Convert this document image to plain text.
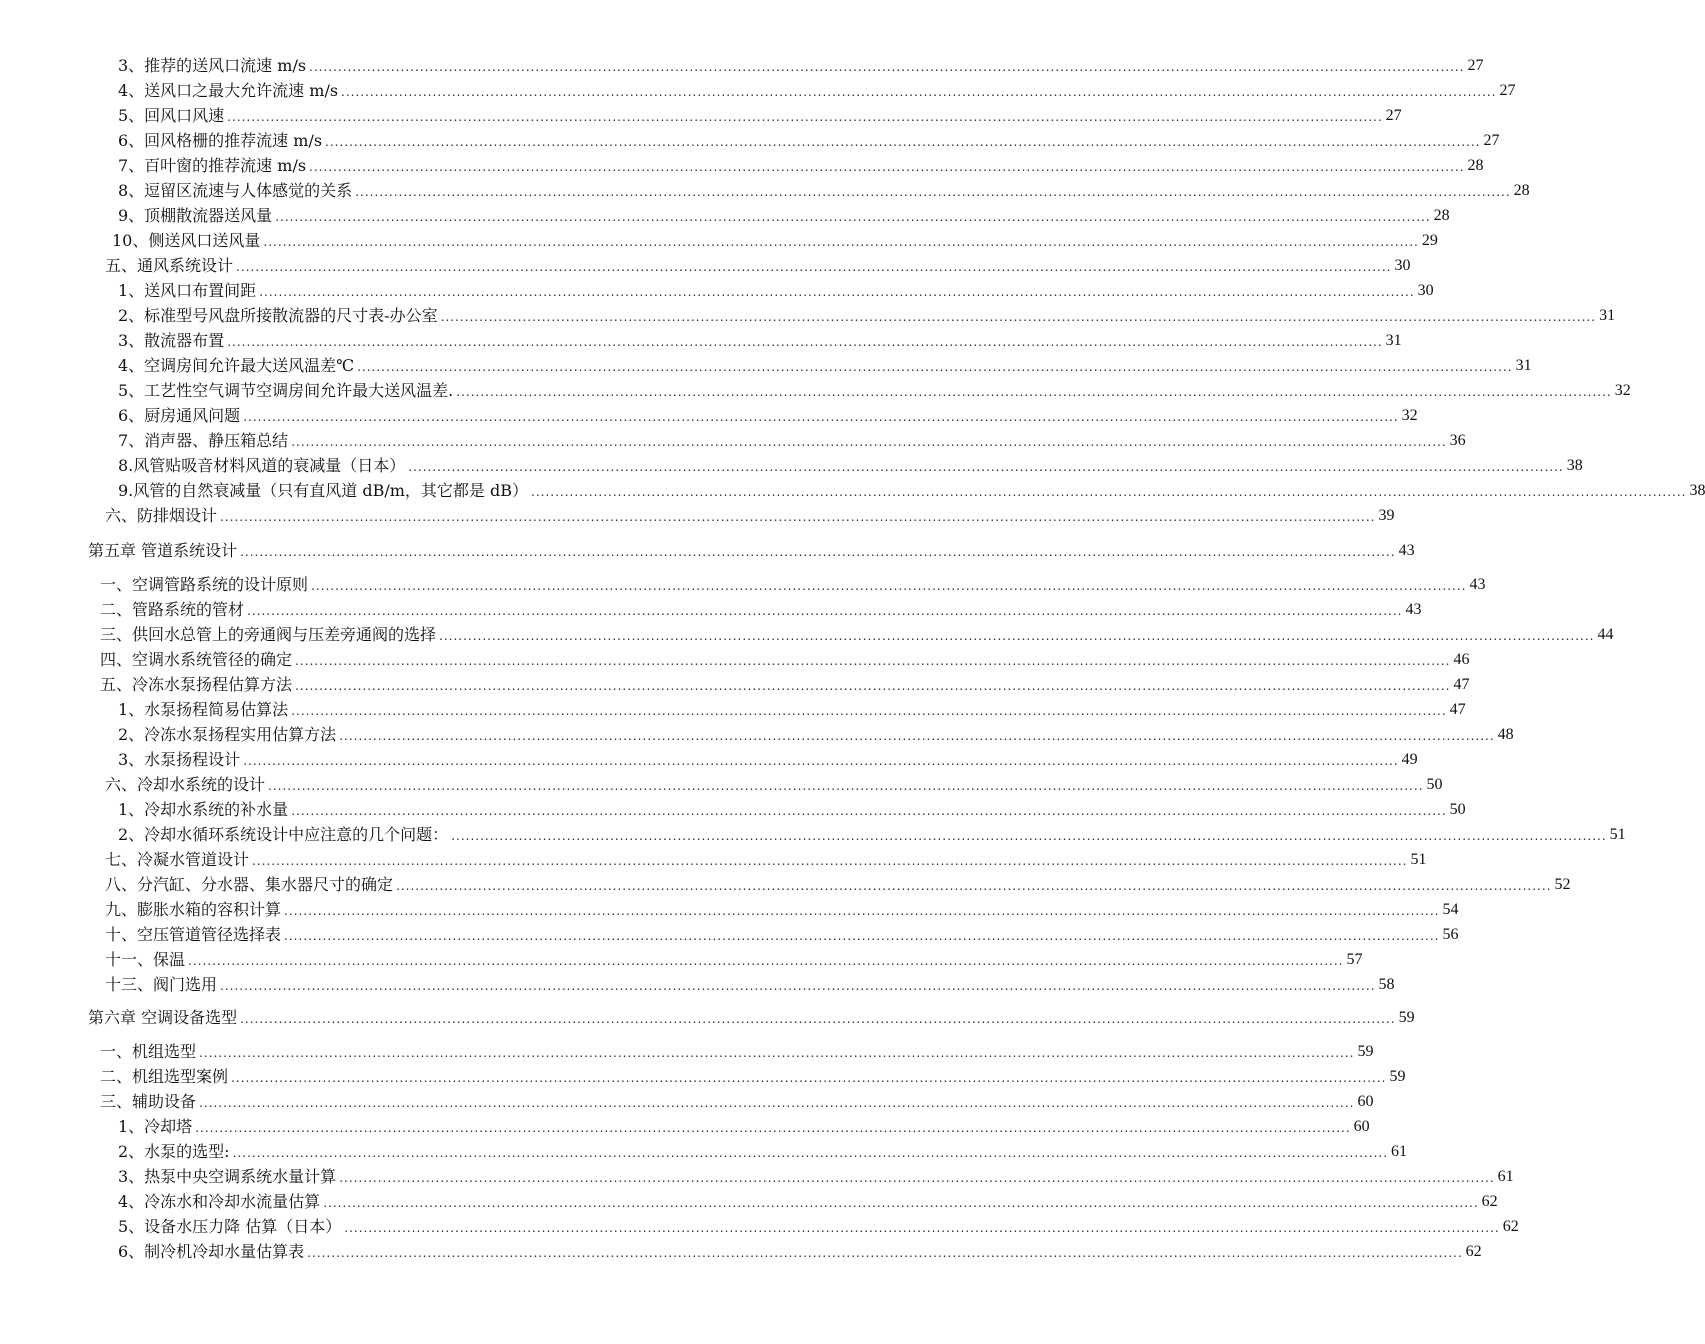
3、推荐的送风口流速 m/s ................................................................................................................................................................................................................................................ 27
4、送风口之最大允许流速 m/s ................................................................................................................................................................................................................................................ 27
5、回风口风速 ................................................................................................................................................................................................................................................ 27
6、回风格栅的推荐流速 m/s ................................................................................................................................................................................................................................................ 27
7、百叶窗的推荐流速 m/s ................................................................................................................................................................................................................................................ 28
8、逗留区流速与人体感觉的关系 ................................................................................................................................................................................................................................................ 28
9、顶棚散流器送风量 ................................................................................................................................................................................................................................................ 28
10、侧送风口送风量 ................................................................................................................................................................................................................................................ 29
五、通风系统设计 ................................................................................................................................................................................................................................................ 30
1、送风口布置间距 ................................................................................................................................................................................................................................................ 30
2、标准型号风盘所接散流器的尺寸表-办公室 ................................................................................................................................................................................................................................................ 31
3、散流器布置 ................................................................................................................................................................................................................................................ 31
4、空调房间允许最大送风温差℃ ................................................................................................................................................................................................................................................ 31
5、工艺性空气调节空调房间允许最大送风温差. ................................................................................................................................................................................................................................................ 32
6、厨房通风问题 ................................................................................................................................................................................................................................................ 32
7、消声器、静压箱总结 ................................................................................................................................................................................................................................................ 36
8.风管贴吸音材料风道的衰减量（日本） ................................................................................................................................................................................................................................................ 38
9.风管的自然衰减量（只有直风道 dB/m，其它都是 dB） ................................................................................................................................................................................................................................................ 38
六、防排烟设计 ................................................................................................................................................................................................................................................ 39
第五章 管道系统设计 ................................................................................................................................................................................................................................................ 43
一、空调管路系统的设计原则 ................................................................................................................................................................................................................................................ 43
二、管路系统的管材 ................................................................................................................................................................................................................................................ 43
三、供回水总管上的旁通阀与压差旁通阀的选择 ................................................................................................................................................................................................................................................ 44
四、空调水系统管径的确定 ................................................................................................................................................................................................................................................ 46
五、冷冻水泵扬程估算方法 ................................................................................................................................................................................................................................................ 47
1、水泵扬程简易估算法 ................................................................................................................................................................................................................................................ 47
2、冷冻水泵扬程实用估算方法 ................................................................................................................................................................................................................................................ 48
3、水泵扬程设计 ................................................................................................................................................................................................................................................ 49
六、冷却水系统的设计 ................................................................................................................................................................................................................................................ 50
1、冷却水系统的补水量 ................................................................................................................................................................................................................................................ 50
2、冷却水循环系统设计中应注意的几个问题： ................................................................................................................................................................................................................................................ 51
七、冷凝水管道设计 ................................................................................................................................................................................................................................................ 51
八、分汽缸、分水器、集水器尺寸的确定 ................................................................................................................................................................................................................................................ 52
九、膨胀水箱的容积计算 ................................................................................................................................................................................................................................................ 54
十、空压管道管径选择表 ................................................................................................................................................................................................................................................ 56
十一、保温 ................................................................................................................................................................................................................................................ 57
十三、阀门选用 ................................................................................................................................................................................................................................................ 58
第六章 空调设备选型 ................................................................................................................................................................................................................................................ 59
一、机组选型 ................................................................................................................................................................................................................................................ 59
二、机组选型案例 ................................................................................................................................................................................................................................................ 59
三、辅助设备 ................................................................................................................................................................................................................................................ 60
1、冷却塔 ................................................................................................................................................................................................................................................ 60
2、水泵的选型: ................................................................................................................................................................................................................................................ 61
3、热泵中央空调系统水量计算 ................................................................................................................................................................................................................................................ 61
4、冷冻水和冷却水流量估算 ................................................................................................................................................................................................................................................ 62
5、设备水压力降 估算（日本） ................................................................................................................................................................................................................................................ 62
6、制冷机冷却水量估算表 ................................................................................................................................................................................................................................................ 62
